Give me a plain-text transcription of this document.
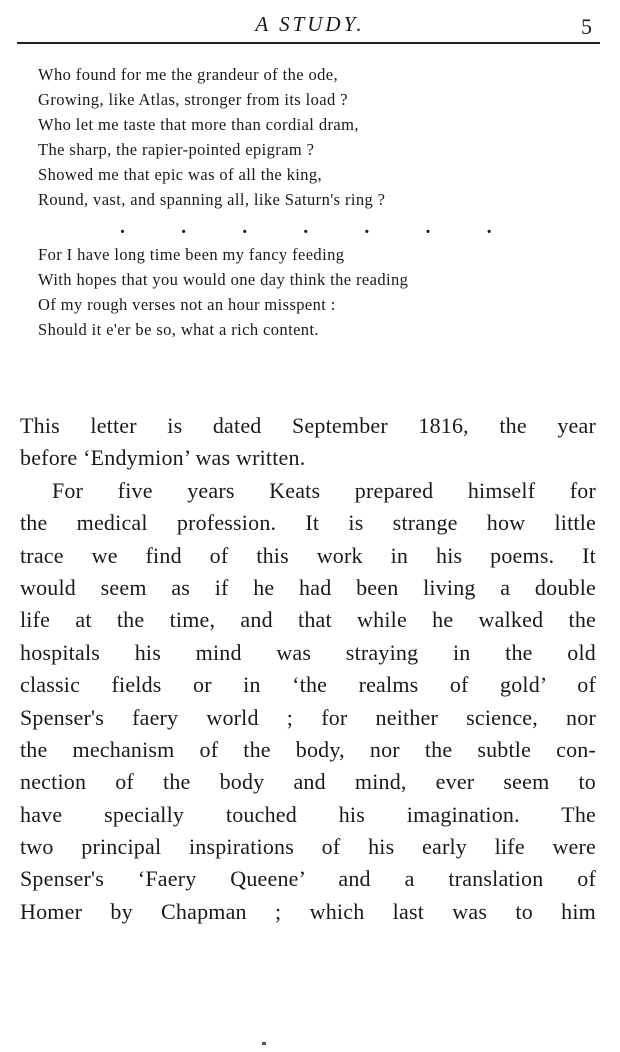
A STUDY.	5
Who found for me the grandeur of the ode,
Growing, like Atlas, stronger from its load ?
Who let me taste that more than cordial dram,
The sharp, the rapier-pointed epigram ?
Showed me that epic was of all the king,
Round, vast, and spanning all, like Saturn's ring ?
.	.	.	.	.	.	.
For I have long time been my fancy feeding
With hopes that you would one day think the reading
Of my rough verses not an hour misspent :
Should it e'er be so, what a rich content.
This letter is dated September 1816, the year
before ‘Endymion’ was written.
For five years Keats prepared himself for
the medical profession. It is strange how little
trace we find of this work in his poems. It
would seem as if he had been living a double
life at the time, and that while he walked the
hospitals his mind was straying in the old
classic fields or in ‘the realms of gold’ of
Spenser's faery world ; for neither science, nor
the mechanism of the body, nor the subtle con-
nection of the body and mind, ever seem to
have specially touched his imagination. The
two principal inspirations of his early life were
Spenser's ‘Faery Queene’ and a translation of
Homer by Chapman ; which last was to him
